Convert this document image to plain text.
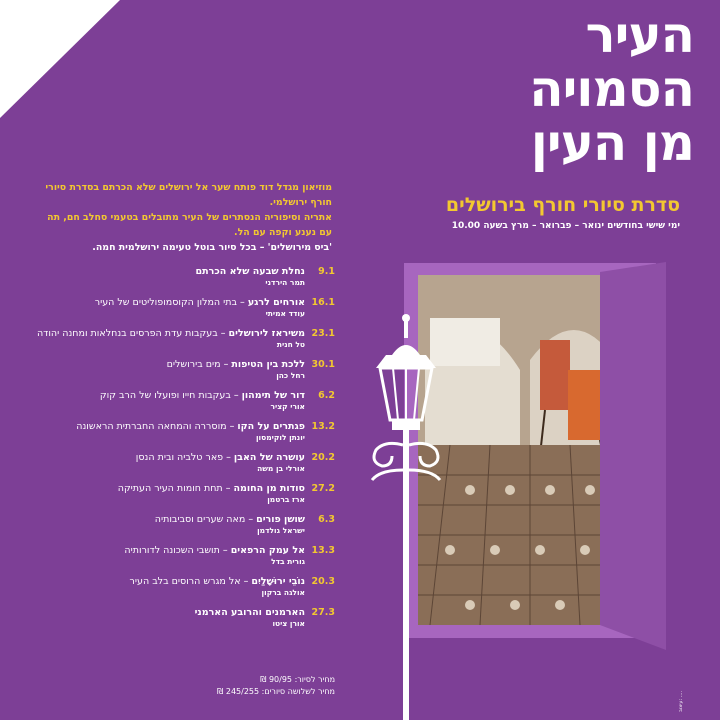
העיר
הסמויה
מן העין
סדרת סיורי חורף בירושלים
ימי שישי בחודשים ינואר – פברואר – מרץ בשעה 10.00
מוזיאון מגדל דוד פותח שער אל ירושלים שלא הכרתם בסדרת סיורי חורף ירושלמי.
אתריה וסיפוריה הנסתרים של העיר מתובלים בטעמי סחלב חם, תה עם נענע וקפה עם הל.
'ביס מירושלים' – בכל סיור בוטל טעימה ירושלמית חמה.
9.1
נחלת שבעה שלא הכרתם
תמר הירדני
16.1
אורחים לרגע – בתי המלון הקוסמופוליטים של העיר
עודד אמיתי
23.1
משיראז לירושלים – בעקבות עדת הפרסים בנחלאות ומחנה יהודה
טל חנית
30.1
ללכת בין הטיפות – מים בירושלים
רחל כהן
6.2
דור של תימהון – בעקבות חייו ופועלו של הרב קוק
אורי קציר
13.2
פגתרים על הקו – מוסררה והמחאה החברתית הראשונה
יונתן לוקימסון
20.2
עושרה של האבן – פאר טלביה ובית הנסן
אורלי בן משה
27.2
סודות מן החומה – תחת חומות העיר העתיקה
ארז ברטמן
6.3
שושן פורים – מאה שערים וסביבותיה
ישראל גולדמן
13.3
אל עמק הרפאים – תושבי השכונה לדורותיה
גורית בדל
20.3
נוֹבֵי ירוּשָׁלַיִם – אל מגרש הרוסים בלב העיר
אולגה ברקון
27.3
הארמנים והרובע הארמני
אורן ציטו
מחיר לסיור: 90/95 ₪
מחיר לשלושה סיורים: 245/255 ₪
עיצוב: ....
